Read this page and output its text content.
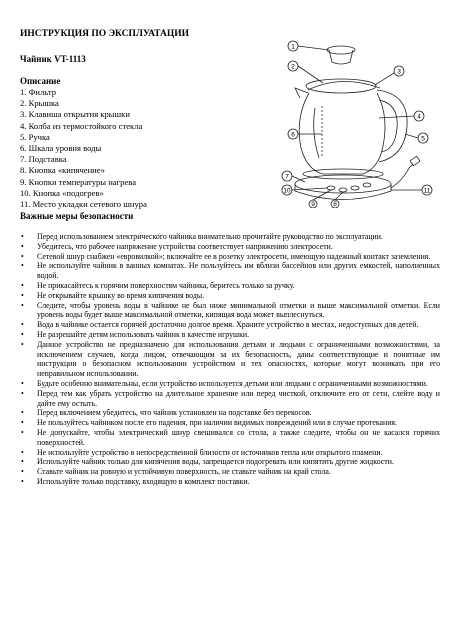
ИНСТРУКЦИЯ ПО ЭКСПЛУАТАЦИИ
Чайник VT-1113
Описание
1. Фильтр
2. Крышка
3. Клавиша открытия крышки
4. Колба из термостойкого стекла
5. Ручка
6. Шкала уровня воды
7. Подставка
8. Кнопка «кипячение»
9. Кнопки температуры нагрева
10. Кнопка «подогрев»
11. Место укладки сетевого шнура
1
2
3
4
5
6
7
10
9	8
11
Важные меры безопасности
• Перед использованием электрического чайника внимательно прочитайте руководство по эксплуатации.
• Убедитесь, что рабочее напряжение устройства соответствует напряжению электросети.
• Сетевой шнур снабжен «евровилкой»; включайте ее в розетку электросети, имеющую надежный контакт заземления.
• Не используйте чайник в ванных комнатах. Не пользуйтесь им вблизи бассейнов или других емкостей, наполненных водой.
• Не прикасайтесь к горячим поверхностям чайника, беритесь только за ручку.
• Не открывайте крышку во время кипячения воды.
• Следите, чтобы уровень воды в чайнике не был ниже минимальной отметки и выше максимальной отметки. Если уровень воды будет выше максимальной отметки, кипящая вода может выплеснуться.
• Вода в чайнике остается горячей достаточно долгое время. Храните устройство в местах, недоступных для детей.
• Не разрешайте детям использовать чайник в качестве игрушки.
• Данное устройство не предназначено для использования детьми и людьми с ограниченными возможностями, за исключением случаев, когда лицом, отвечающим за их безопасность, даны соответствующие и понятные им инструкции о безопасном использовании устройством и тех опасностях, которые могут возникать при его неправильном использовании.
• Будьте особенно внимательны, если устройство используется детьми или людьми с ограниченными возможностями.
• Перед тем как убрать устройство на длительное хранение или перед чисткой, отключите его от сети, слейте воду и дайте ему остыть.
• Перед включением убедитесь, что чайник установлен на подставке без перекосов.
• Не пользуйтесь чайником после его падения, при наличии видимых повреждений или в случае протекания.
• Не допускайте, чтобы электрический шнур свешивался со стола, а также следите, чтобы он не касался горячих поверхностей.
• Не используйте устройство в непосредственной близости от источников тепла или открытого пламени.
• Используйте чайник только для кипячения воды, запрещается подогревать или кипятить другие жидкости.
• Ставьте чайник на ровную и устойчивую поверхность, не ставьте чайник на край стола.
• Используйте только подставку, входящую в комплект поставки.
